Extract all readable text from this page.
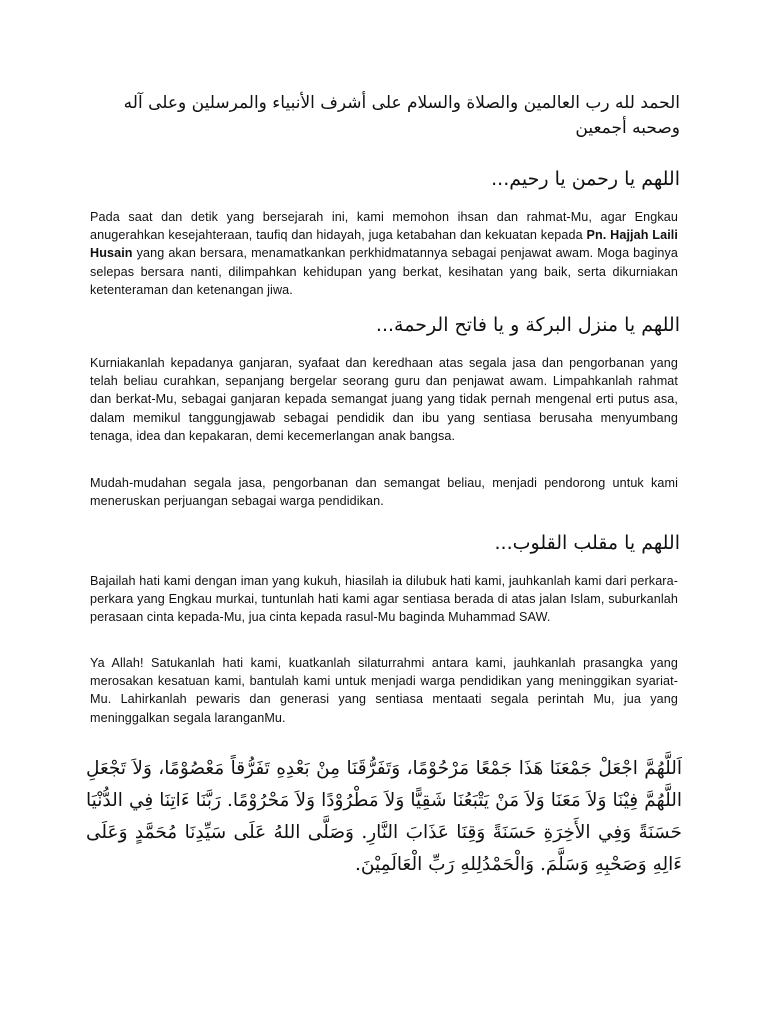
الحمد لله رب العالمين والصلاة والسلام على أشرف الأنبياء والمرسلين وعلى آله وصحبه أجمعين

اللهم يا رحمن يا رحيم...

Pada saat dan detik yang bersejarah ini, kami memohon ihsan dan rahmat-Mu, agar Engkau anugerahkan kesejahteraan, taufiq dan hidayah, juga ketabahan dan kekuatan kepada Pn. Hajjah Laili Husain yang akan bersara, menamatkankan perkhidmatannya sebagai penjawat awam. Moga baginya selepas bersara nanti, dilimpahkan kehidupan yang berkat, kesihatan yang baik, serta dikurniakan ketenteraman dan ketenangan jiwa.

اللهم يا منزل البركة و يا فاتح الرحمة...

Kurniakanlah kepadanya ganjaran, syafaat dan keredhaan atas segala jasa dan pengorbanan yang telah beliau curahkan, sepanjang bergelar seorang guru dan penjawat awam. Limpahkanlah rahmat dan berkat-Mu, sebagai ganjaran kepada semangat juang yang tidak pernah mengenal erti putus asa, dalam memikul tanggungjawab sebagai pendidik dan ibu yang sentiasa berusaha menyumbang tenaga, idea dan kepakaran, demi kecemerlangan anak bangsa.

Mudah-mudahan segala jasa, pengorbanan dan semangat beliau, menjadi pendorong untuk kami meneruskan perjuangan sebagai warga pendidikan.

اللهم يا مقلب القلوب...

Bajailah hati kami dengan iman yang kukuh, hiasilah ia dilubuk hati kami, jauhkanlah kami dari perkara-perkara yang Engkau murkai, tuntunlah hati kami agar sentiasa berada di atas jalan Islam, suburkanlah perasaan cinta kepada-Mu, jua cinta kepada rasul-Mu baginda Muhammad SAW.

Ya Allah! Satukanlah hati kami, kuatkanlah silaturrahmi antara kami, jauhkanlah prasangka yang merosakan kesatuan kami, bantulah kami untuk menjadi warga pendidikan yang meninggikan syariat-Mu. Lahirkanlah pewaris dan generasi yang sentiasa mentaati segala perintah Mu, jua yang meninggalkan segala laranganMu.

اَللَّهُمَّ اجْعَلْ جَمْعَنَا هَذَا جَمْعًا مَرْحُوْمًا، وَتَفَرُّقَنَا مِنْ بَعْدِهِ تَفَرُّقاً مَعْصُوْمًا، وَلاَ تَجْعَلِ اللَّهُمَّ فِيْنَا وَلاَ مَعَنَا وَلاَ مَنْ يَتْبَعُنَا شَقِيًّا وَلاَ مَطْرُوْدًا وَلاَ مَحْرُوْمًا. رَبَّنَا ءَاتِنَا فِي الدُّنْيَا حَسَنَةً وَفِي الأَخِرَةِ حَسَنَةً وَقِنَا عَذَابَ النَّارِ. وَصَلَّى اللهُ عَلَى سَيِّدِنَا مُحَمَّدٍ وَعَلَى ءَالِهِ وَصَحْبِهِ وَسَلَّمَ. وَالْحَمْدُلِلهِ رَبِّ الْعَالَمِيْنَ.
